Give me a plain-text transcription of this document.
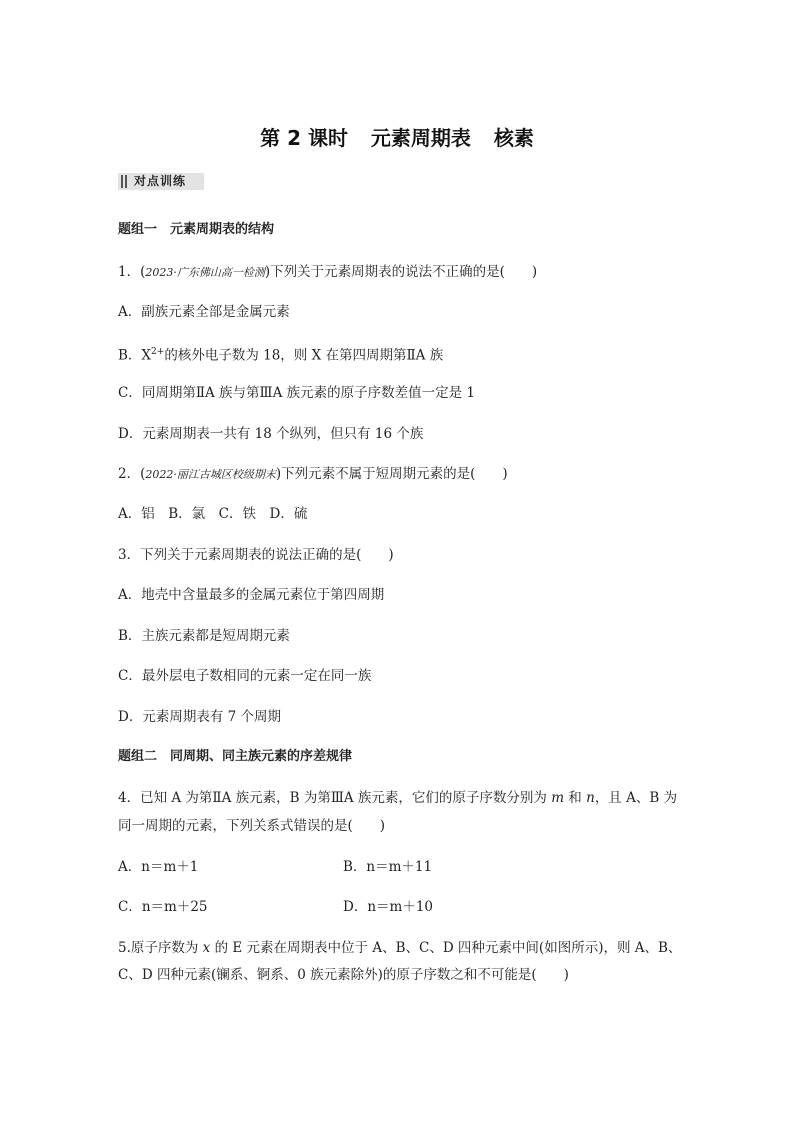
第 2 课时 元素周期表 核素
对点训练
题组一　元素周期表的结构
1．(2023·广东佛山高一检测)下列关于元素周期表的说法不正确的是(　　)
A．副族元素全部是金属元素
B．$X^{2+}$的核外电子数为 18，则 X 在第四周期第ⅡA 族
C．同周期第ⅡA 族与第ⅢA 族元素的原子序数差值一定是 1
D．元素周期表一共有 18 个纵列，但只有 16 个族
2．(2022·丽江古城区校级期末)下列元素不属于短周期元素的是(　　)
A．铝　B．氯　C．铁　D．硫
3．下列关于元素周期表的说法正确的是(　　)
A．地壳中含量最多的金属元素位于第四周期
B．主族元素都是短周期元素
C．最外层电子数相同的元素一定在同一族
D．元素周期表有 7 个周期
题组二　同周期、同主族元素的序差规律
4．已知 A 为第ⅡA 族元素，B 为第ⅢA 族元素，它们的原子序数分别为 m 和 n，且 A、B 为
同一周期的元素，下列关系式错误的是(　　)
A．n＝m＋1	B．n＝m＋11
C．n＝m＋25	D．n＝m＋10
5.原子序数为 x 的 E 元素在周期表中位于 A、B、C、D 四种元素中间(如图所示)，则 A、B、
C、D 四种元素(镧系、锕系、0 族元素除外)的原子序数之和不可能是(　　)
